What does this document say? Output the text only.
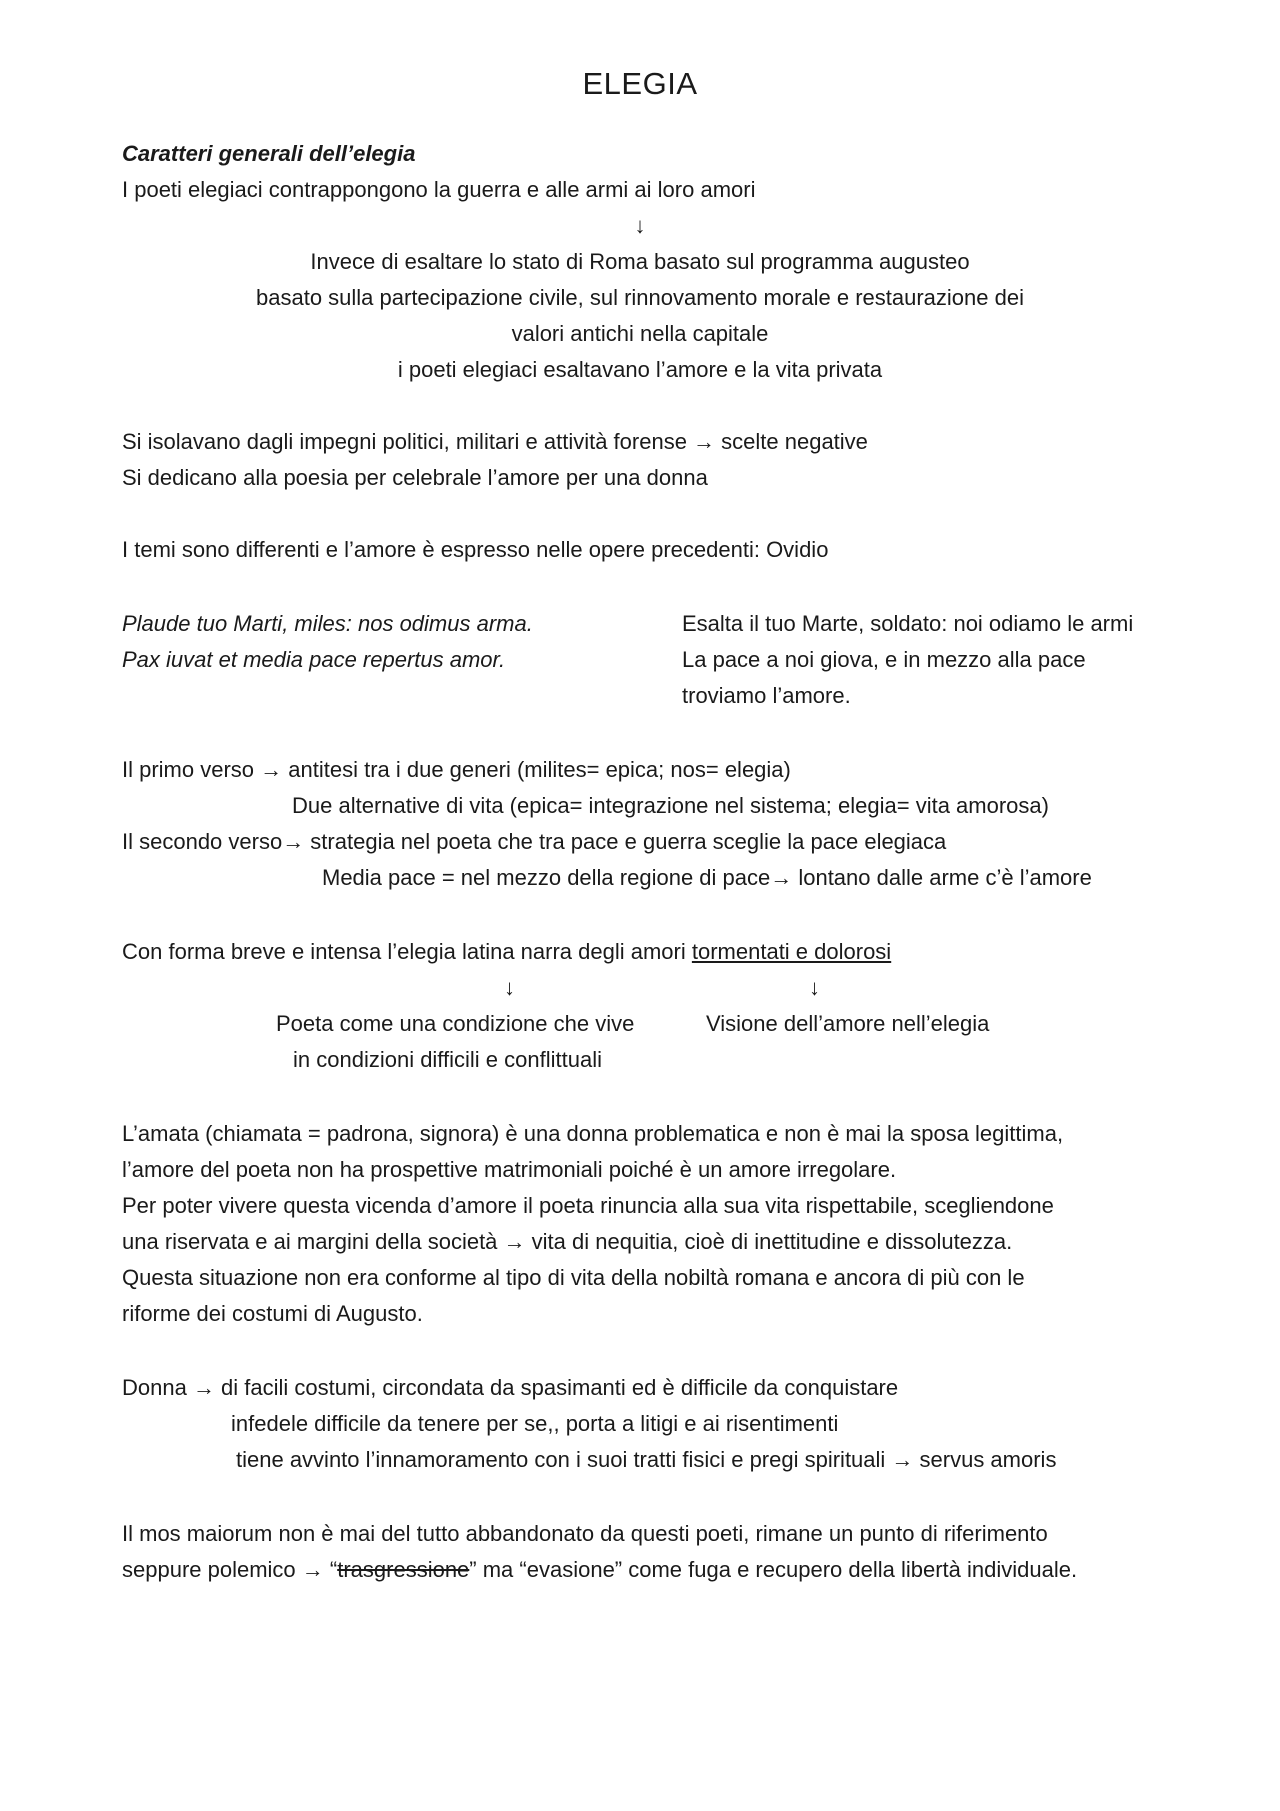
ELEGIA
Caratteri generali dell’elegia
I poeti elegiaci contrappongono la guerra e alle armi ai loro amori
↓
Invece di esaltare lo stato di Roma basato sul programma augusteo
basato sulla partecipazione civile, sul rinnovamento morale e restaurazione dei
valori antichi nella capitale
i poeti elegiaci esaltavano l’amore e la vita privata
Si isolavano dagli impegni politici, militari e attività forense → scelte negative
Si dedicano alla poesia per celebrale l’amore per una donna
I temi sono differenti e l’amore è espresso nelle opere precedenti: Ovidio
Plaude tuo Marti, miles: nos odimus arma.
Pax iuvat et media pace repertus amor.
Esalta il tuo Marte, soldato: noi odiamo le armi
La pace a noi giova, e in mezzo alla pace
troviamo l’amore.
Il primo verso → antitesi tra i due generi (milites= epica; nos= elegia)
Due alternative di vita (epica= integrazione nel sistema; elegia= vita amorosa)
Il secondo verso→ strategia nel poeta che tra pace e guerra sceglie la pace elegiaca
Media pace = nel mezzo della regione di pace→ lontano dalle arme c’è l’amore
Con forma breve e intensa l’elegia latina narra degli amori tormentati e dolorosi
↓	↓
Poeta come una condizione che vive
in condizioni difficili e conflittuali
Visione dell’amore nell’elegia
L’amata (chiamata = padrona, signora) è una donna problematica e non è mai la sposa legittima,
l’amore del poeta non ha prospettive matrimoniali poiché è un amore irregolare.
Per poter vivere questa vicenda d’amore il poeta rinuncia alla sua vita rispettabile, scegliendone
una riservata e ai margini della società → vita di nequitia, cioè di inettitudine e dissolutezza.
Questa situazione non era conforme al tipo di vita della nobiltà romana e ancora di più con le
riforme dei costumi di Augusto.
Donna → di facili costumi, circondata da spasimanti ed è difficile da conquistare
infedele difficile da tenere per se,, porta a litigi e ai risentimenti
tiene avvinto l’innamoramento con i suoi tratti fisici e pregi spirituali → servus amoris
Il mos maiorum non è mai del tutto abbandonato da questi poeti, rimane un punto di riferimento
seppure polemico → “trasgressione” ma “evasione” come fuga e recupero della libertà individuale.
